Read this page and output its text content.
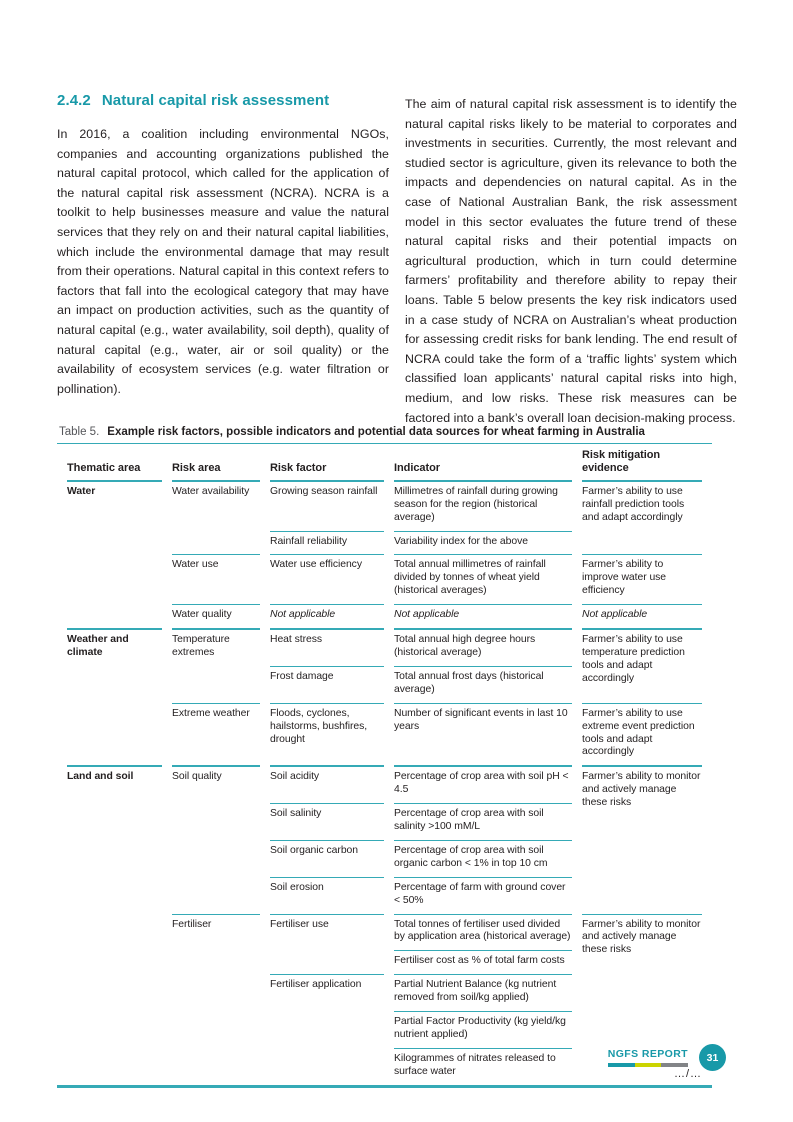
2.4.2 Natural capital risk assessment

In 2016, a coalition including environmental NGOs, companies and accounting organizations published the natural capital protocol, which called for the application of the natural capital risk assessment (NCRA). NCRA is a toolkit to help businesses measure and value the natural services that they rely on and their natural capital liabilities, which include the environmental damage that may result from their operations. Natural capital in this context refers to factors that fall into the ecological category that may have an impact on production activities, such as the quantity of natural capital (e.g., water availability, soil depth), quality of natural capital (e.g., water, air or soil quality) or the availability of ecosystem services (e.g. water filtration or pollination).

The aim of natural capital risk assessment is to identify the natural capital risks likely to be material to corporates and investments in securities. Currently, the most relevant and studied sector is agriculture, given its relevance to both the impacts and dependencies on natural capital. As in the case of National Australian Bank, the risk assessment model in this sector evaluates the future trend of these natural capital risks and their potential impacts on agricultural production, which in turn could determine farmers’ profitability and therefore ability to repay their loans. Table 5 below presents the key risk indicators used in a case study of NCRA on Australian’s wheat production for assessing credit risks for bank lending. The end result of NCRA could take the form of a ‘traffic lights’ system which classified loan applicants’ natural capital risks into high, medium, and low risks. These risk measures can be factored into a bank’s overall loan decision-making process.

Table 5. Example risk factors, possible indicators and potential data sources for wheat farming in Australia

Thematic area	Risk area	Risk factor	Indicator	Risk mitigation evidence
Water	Water availability	Growing season rainfall	Millimetres of rainfall during growing season for the region (historical average)	Farmer’s ability to use rainfall prediction tools and adapt accordingly
		Rainfall reliability	Variability index for the above	
	Water use	Water use efficiency	Total annual millimetres of rainfall divided by tonnes of wheat yield (historical averages)	Farmer’s ability to improve water use efficiency
	Water quality	Not applicable	Not applicable	Not applicable
Weather and climate	Temperature extremes	Heat stress	Total annual high degree hours (historical average)	Farmer’s ability to use temperature prediction tools and adapt accordingly
		Frost damage	Total annual frost days (historical average)	
	Extreme weather	Floods, cyclones, hailstorms, bushfires, drought	Number of significant events in last 10 years	Farmer’s ability to use extreme event prediction tools and adapt accordingly
Land and soil	Soil quality	Soil acidity	Percentage of crop area with soil pH < 4.5	Farmer’s ability to monitor and actively manage these risks
		Soil salinity	Percentage of crop area with soil salinity >100 mM/L	
		Soil organic carbon	Percentage of crop area with soil organic carbon < 1% in top 10 cm	
		Soil erosion	Percentage of farm with ground cover < 50%	
	Fertiliser	Fertiliser use	Total tonnes of fertiliser used divided by application area (historical average)	Farmer’s ability to monitor and actively manage these risks
…/…

			Fertiliser cost as % of total farm costs	
		Fertiliser application	Partial Nutrient Balance (kg nutrient removed from soil/kg applied)	
			Partial Factor Productivity (kg yield/kg nutrient applied)	
			Kilogrammes of nitrates released to surface water	
NGFS REPORT	31
